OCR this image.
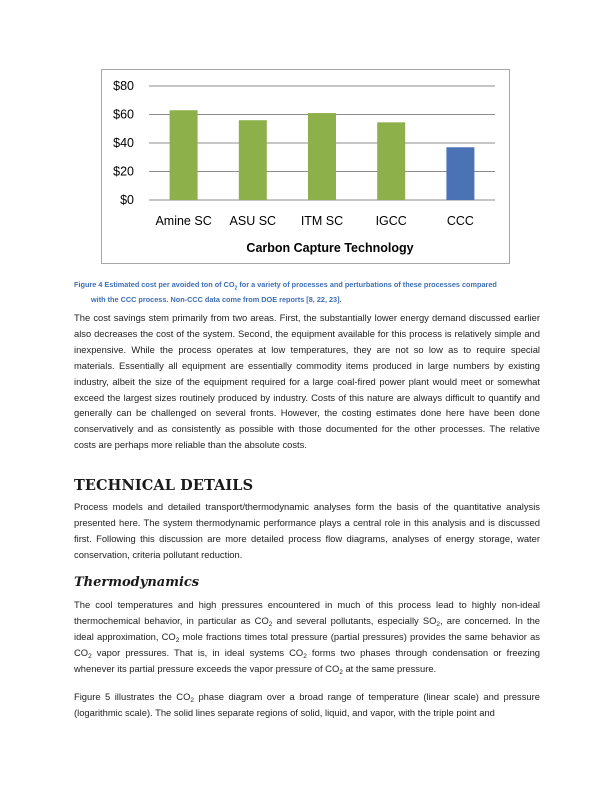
$0
$20
$40
$60
$80
Amine SC ASU SC ITM SC	IGCC	CCC
Carbon Capture Technology
Figure 4 Estimated cost per avoided ton of $CO_2$ for a variety of processes and perturbations of these processes compared
with the CCC process. Non-CCC data come from DOE reports [8, 22, 23].

The cost savings stem primarily from two areas. First, the substantially lower energy demand discussed earlier also decreases the cost of the system. Second, the equipment available for this process is relatively simple and inexpensive. While the process operates at low temperatures, they are not so low as to require special materials. Essentially all equipment are essentially commodity items produced in large numbers by existing industry, albeit the size of the equipment required for a large coal-fired power plant would meet or somewhat exceed the largest sizes routinely produced by industry. Costs of this nature are always difficult to quantify and generally can be challenged on several fronts. However, the costing estimates done here have been done conservatively and as consistently as possible with those documented for the other processes. The relative costs are perhaps more reliable than the absolute costs.

TECHNICAL DETAILS

Process models and detailed transport/thermodynamic analyses form the basis of the quantitative analysis presented here. The system thermodynamic performance plays a central role in this analysis and is discussed first. Following this discussion are more detailed process flow diagrams, analyses of energy storage, water conservation, criteria pollutant reduction.

Thermodynamics

The cool temperatures and high pressures encountered in much of this process lead to highly non-ideal thermochemical behavior, in particular as $CO_2$ and several pollutants, especially $SO_2$, are concerned. In the ideal approximation, $CO_2$ mole fractions times total pressure (partial pressures) provides the same behavior as $CO_2$ vapor pressures. That is, in ideal systems $CO_2$ forms two phases through condensation or freezing whenever its partial pressure exceeds the vapor pressure of $CO_2$ at the same pressure.

Figure 5 illustrates the $CO_2$ phase diagram over a broad range of temperature (linear scale) and pressure (logarithmic scale). The solid lines separate regions of solid, liquid, and vapor, with the triple point and
